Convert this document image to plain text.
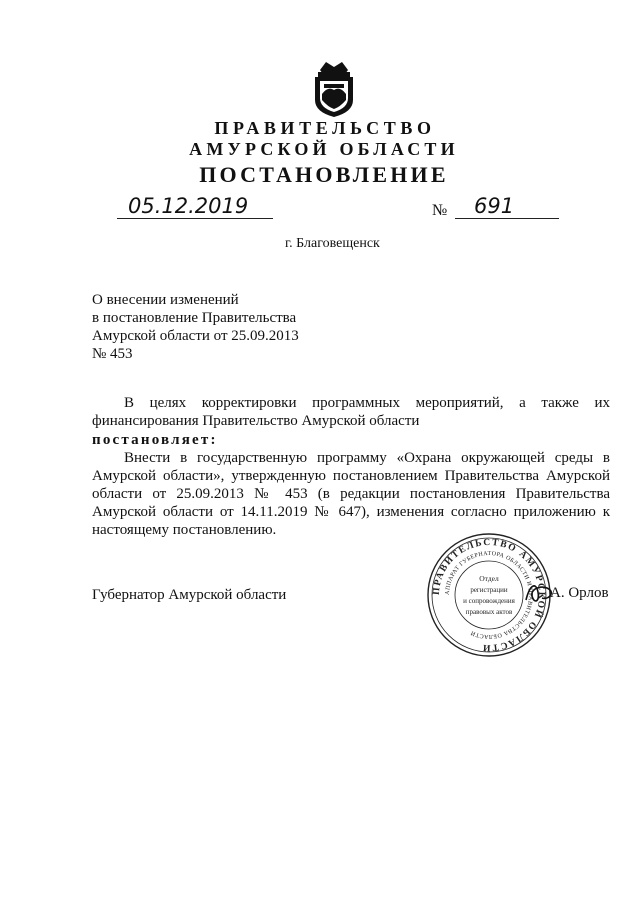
ПРАВИТЕЛЬСТВО
АМУРСКОЙ ОБЛАСТИ
ПОСТАНОВЛЕНИЕ
05.12.2019	№ 691
г. Благовещенск
О внесении изменений
в постановление Правительства
Амурской области от 25.09.2013
№ 453
В целях корректировки программных мероприятий, а также их
финансирования Правительство Амурской области
постановляет:
Внести в государственную программу «Охрана окружающей среды в
Амурской области», утвержденную постановлением Правительства Амурской
области от 25.09.2013 № 453 (в редакции постановления Правительства
Амурской области от 14.11.2019 № 647), изменения согласно приложению к
настоящему постановлению.
Губернатор Амурской области	А. Орлов
ПРАВИТЕЛЬСТВО АМУРСКОЙ ОБЛАСТИ
АППАРАТ ГУБЕРНАТОРА ОБЛАСТИ И ПРАВИТЕЛЬСТВА ОБЛАСТИ
Отдел
регистрации
и сопровождения
правовых актов
